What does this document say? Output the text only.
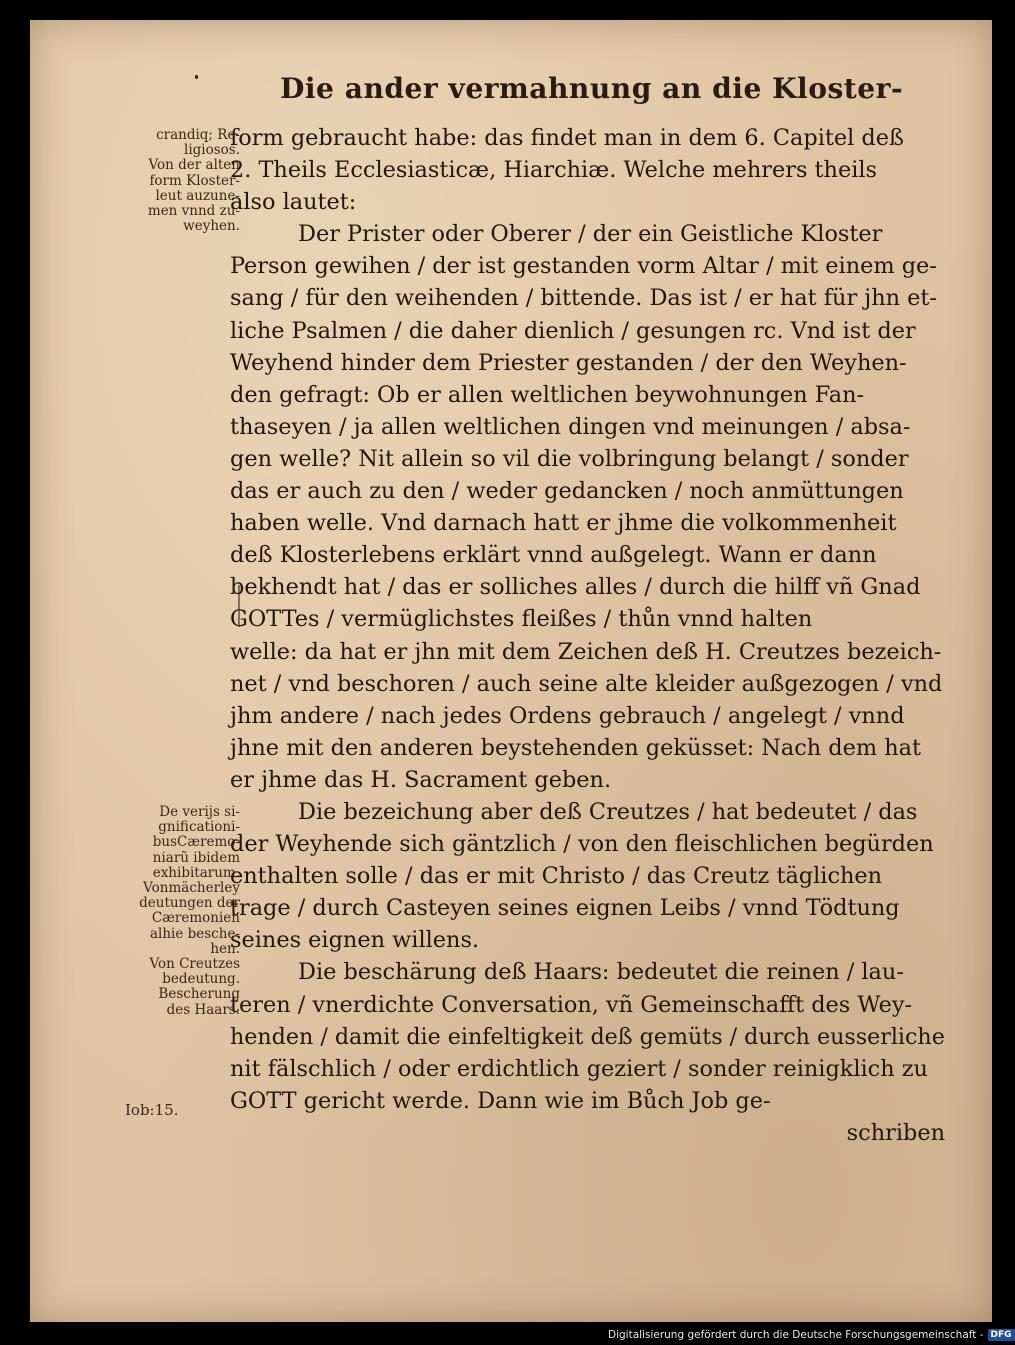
Die ander vermahnung an die Kloster-
crandiq; Re-
ligiosos.
Von der alten
form Kloster-
leut auzune-
men vnnd zu-
weyhen.
De verijs si-
gnificationi-
busCæremo-
niarũ ibidem
exhibitarum.
Vonmächerley
deutungen der
Cæremonien
alhie besche-
hen.
Von Creutzes
bedeutung.
Bescherung
des Haars.
Iob:15.
form gebraucht habe: das findet man in dem 6. Capitel deß
2. Theils Ecclesiasticæ, Hiarchiæ. Welche mehrers theils
also lautet:
Der Prister oder Oberer / der ein Geistliche Kloster
Person gewihen / der ist gestanden vorm Altar / mit einem ge-
sang / für den weihenden / bittende. Das ist / er hat für jhn et-
liche Psalmen / die daher dienlich / gesungen rc. Vnd ist der
Weyhend hinder dem Priester gestanden / der den Weyhen-
den gefragt: Ob er allen weltlichen beywohnungen Fan-
thaseyen / ja allen weltlichen dingen vnd meinungen / absa-
gen welle? Nit allein so vil die volbringung belangt / sonder
das er auch zu den / weder gedancken / noch anmüttungen
haben welle. Vnd darnach hatt er jhme die volkommenheit
deß Klosterlebens erklärt vnnd außgelegt. Wann er dann
bekhendt hat / das er solliches alles / durch die hilff vñ Gnad
GOTTes / vermüglichstes fleißes / thůn vnnd halten
welle: da hat er jhn mit dem Zeichen deß H. Creutzes bezeich-
net / vnd beschoren / auch seine alte kleider außgezogen / vnd
jhm andere / nach jedes Ordens gebrauch / angelegt / vnnd
jhne mit den anderen beystehenden geküsset: Nach dem hat
er jhme das H. Sacrament geben.
Die bezeichung aber deß Creutzes / hat bedeutet / das
der Weyhende sich gäntzlich / von den fleischlichen begürden
enthalten solle / das er mit Christo / das Creutz täglichen
trage / durch Casteyen seines eignen Leibs / vnnd Tödtung
seines eignen willens.
Die beschärung deß Haars: bedeutet die reinen / lau-
teren / vnerdichte Conversation, vñ Gemeinschafft des Wey-
henden / damit die einfeltigkeit deß gemüts / durch eusserliche
nit fälschlich / oder erdichtlich geziert / sonder reinigklich zu
GOTT gericht werde. Dann wie im Bůch Job ge-
schriben
Digitalisierung gefördert durch die Deutsche Forschungsgemeinschaft - DFG
